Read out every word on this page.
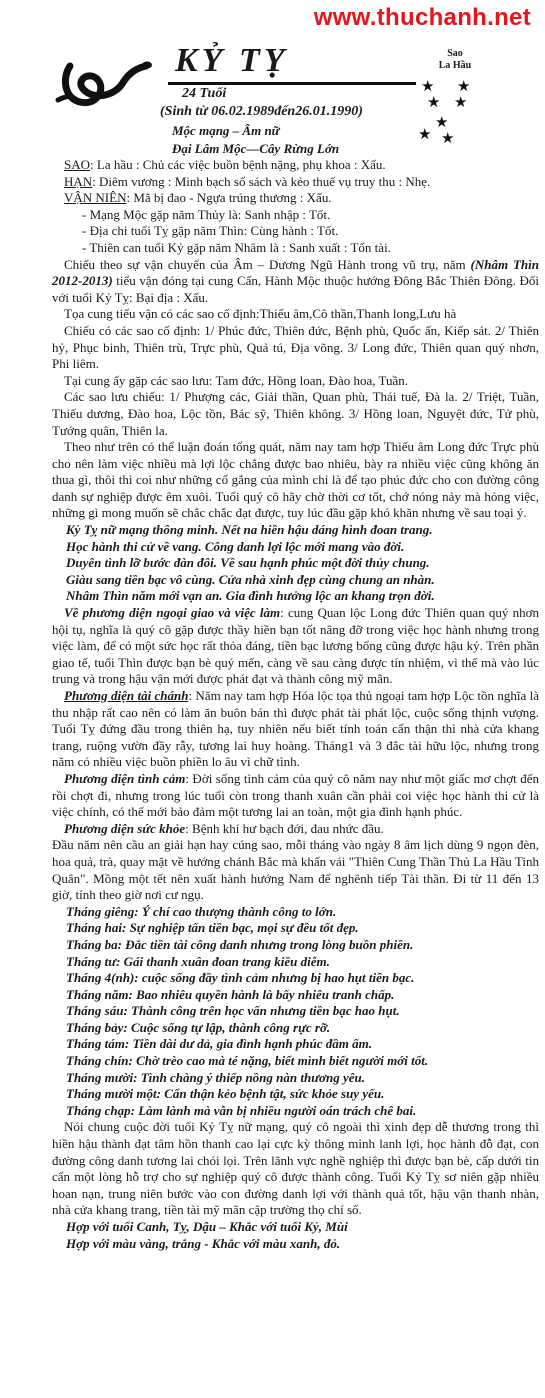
www.thuchanh.net
KỶ TỴ
24 Tuổi
(Sinh từ 06.02.1989đến26.01.1990)
Mộc mạng – Âm nữ
Đại Lâm Mộc—Cây Rừng Lớn
Sao
La Hầu
★ ★
★ ★
★
★ ★

SAO: La hầu : Chủ các việc buồn bệnh nặng, phụ khoa : Xấu.

HẠN: Diêm vương : Minh bạch sổ sách và kẻo thuế vụ truy thu : Nhẹ.

VẬN NIÊN: Mã bị đao - Ngựa trúng thương : Xấu.

- Mạng Mộc gặp năm Thủy là: Sanh nhập : Tốt.

- Địa chi tuổi Tỵ gặp năm Thìn: Cùng hành : Tốt.

- Thiên can tuổi Kỷ gặp năm Nhâm là : Sanh xuất : Tốn tài.

Chiếu theo sự vận chuyển của Âm – Dương Ngũ Hành trong vũ trụ, năm (Nhâm Thìn 2012-2013) tiểu vận đóng tại cung Cấn, Hành Mộc thuộc hướng Đông Bắc Thiên Đông. Đối với tuổi Kỷ Tỵ: Bại địa : Xấu.

Tọa cung tiểu vận có các sao cố định:Thiếu âm,Cô thần,Thanh long,Lưu hà

Chiếu có các sao cố định: 1/ Phúc đức, Thiên đức, Bệnh phù, Quốc ấn, Kiếp sát. 2/ Thiên hỷ, Phục binh, Thiên trù, Trực phù, Quả tú, Địa võng. 3/ Long đức, Thiên quan quý nhơn, Phi liêm.

Tại cung ấy gặp các sao lưu: Tam đức, Hồng loan, Đào hoa, Tuần.

Các sao lưu chiếu: 1/ Phượng các, Giải thần, Quan phù, Thái tuế, Đà la. 2/ Triệt, Tuần, Thiếu dương, Đào hoa, Lộc tồn, Bác sỹ, Thiên không. 3/ Hồng loan, Nguyệt đức, Tử phù, Tướng quân, Thiên la.

Theo như trên có thể luận đoán tổng quát, năm nay tam hợp Thiếu âm Long đức Trực phù cho nên làm việc nhiều mà lợi lộc chẳng được bao nhiêu, bày ra nhiều việc cũng không ăn thua gì, thôi thì coi như những cố gắng của mình chỉ là để tạo phúc đức cho con đường công danh sự nghiệp được êm xuôi. Tuổi quý cô hãy chờ thời cơ tốt, chớ nóng nảy mà hỏng việc, những gì mong muốn sẽ chắc chắc đạt được, tuy lúc đầu gặp khó khăn nhưng về sau toại ý.

Kỷ Tỵ nữ mạng thông minh. Nết na hiền hậu dáng hình đoan trang.

Học hành thi cử về vang. Công danh lợi lộc mới mang vào đời.

Duyên tình lỡ bước đàn đôi. Về sau hạnh phúc một đời thủy chung.

Giàu sang tiền bạc vô cùng. Cửa nhà xinh đẹp cùng chung an nhàn.

Nhâm Thìn năm mới vạn an. Gia đình hưởng lộc an khang trọn đời.

Về phương diện ngoại giao và việc làm: cung Quan lộc Long đức Thiên quan quý nhơn hội tụ, nghĩa là quý cô gặp được thầy hiền bạn tốt nâng đỡ trong việc học hành nhưng trong việc làm, để có một sức học rất thỏa đáng, tiền bạc lương bổng cũng được hậu kỷ. Trên phần giao tế, tuổi Thìn được bạn bè quý mến, càng về sau càng được tín nhiệm, vì thế mà vào lúc trung và trong hậu vận mới được phát đạt và thành công mỹ mãn.

Phương diện tài chánh: Năm nay tam hợp Hóa lộc tọa thủ ngoại tam hợp Lộc tồn nghĩa là thu nhập rất cao nên có làm ăn buôn bán thì được phát tài phát lộc, cuộc sống thịnh vượng. Tuổi Tỵ đứng đầu trong thiên hạ, tuy nhiên nếu biết tính toán cẩn thận thì nhà cửa khang trang, ruộng vườn đầy rẫy, tương lai huy hoàng. Tháng1 và 3 đắc tài hữu lộc, nhưng trong năm có nhiều việc buồn phiền lo âu vì chữ tình.

Phương diện tình cảm: Đời sống tình cảm của quý cô năm nay như một giấc mơ chợt đến rồi chợt đi, nhưng trong lúc tuổi còn trong thanh xuân cần phải coi việc học hành thi cử là việc chính, có thế mới bảo đảm một tương lai an toàn, một gia đình hạnh phúc.

Phương diện sức khỏe: Bệnh khí hư bạch đới, đau nhức đầu.

Đầu năm nên cầu an giải hạn hay cúng sao, mỗi tháng vào ngày 8 âm lịch dùng 9 ngọn đèn, hoa quả, trà, quay mặt về hướng chánh Bắc mà khấn vái "Thiên Cung Thần Thủ La Hầu Tinh Quân". Mồng một tết nên xuất hành hướng Nam để nghênh tiếp Tài thần. Đi từ 11 đến 13 giờ, tính theo giờ nơi cư ngụ.

Tháng giêng: Ý chí cao thượng thành công to lớn.

Tháng hai: Sự nghiệp tấn tiền bạc, mọi sự đều tốt đẹp.

Tháng ba: Đắc tiền tài công danh nhưng trong lòng buồn phiền.

Tháng tư: Gái thanh xuân đoan trang kiều diễm.

Tháng 4(nh): cuộc sống đầy tình cảm nhưng bị hao hụt tiền bạc.

Tháng năm: Bao nhiêu quyền hành là bấy nhiêu tranh chấp.

Tháng sáu: Thành công trên học vấn nhưng tiền bạc hao hụt.

Tháng bảy: Cuộc sống tự lập, thành công rực rỡ.

Tháng tám: Tiền dài dư dả, gia đình hạnh phúc đầm ấm.

Tháng chín: Chờ trèo cao mà té nặng, biết mình biết người mới tốt.

Tháng mười: Tình chàng ý thiếp nồng nàn thương yêu.

Tháng mười một: Cẩn thận kẻo bệnh tật, sức khỏe suy yếu.

Tháng chạp: Làm lành mà vẫn bị nhiều người oán trách chê bai.

Nói chung cuộc đời tuổi Kỷ Tỵ nữ mạng, quý cô ngoài thì xinh đẹp dễ thương trong thì hiền hậu thành đạt tâm hồn thanh cao lại cực kỳ thông minh lanh lợi, học hành đỗ đạt, con đường công danh tương lai chói lọi. Trên lãnh vực nghề nghiệp thì được bạn bè, cấp dưới tin cẩn một lòng hỗ trợ cho sự nghiệp quý cô được thành công. Tuổi Kỷ Tỵ sơ niên gặp nhiều hoan nạn, trung niên bước vào con đường danh lợi với thành quả tốt, hậu vận thanh nhàn, nhà cửa khang trang, tiền tài mỹ mãn cập trường thọ chí số.

Hợp với tuổi Canh, Tỵ, Dậu – Khắc với tuổi Kỷ, Mùi

Hợp với màu vàng, trắng - Khắc với màu xanh, đỏ.
